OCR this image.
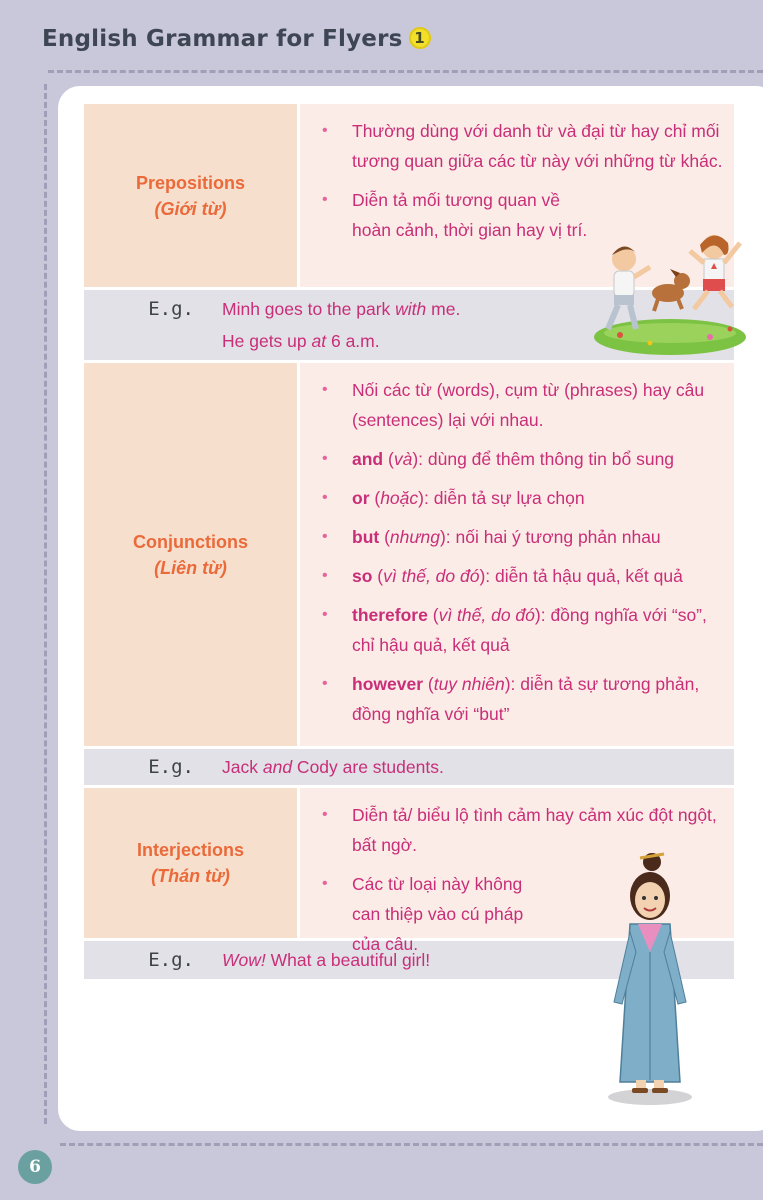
English Grammar for Flyers 1
Prepositions
(Giới từ)
• Thường dùng với danh từ và đại từ hay chỉ mối tương quan giữa các từ này với những từ khác.
• Diễn tả mối tương quan về hoàn cảnh, thời gian hay vị trí.
E.g.	Minh goes to the park with me.
He gets up at 6 a.m.
Conjunctions
(Liên từ)
• Nối các từ (words), cụm từ (phrases) hay câu (sentences) lại với nhau.
• and (và): dùng để thêm thông tin bổ sung
• or (hoặc): diễn tả sự lựa chọn
• but (nhưng): nối hai ý tương phản nhau
• so (vì thế, do đó): diễn tả hậu quả, kết quả
• therefore (vì thế, do đó): đồng nghĩa với “so”, chỉ hậu quả, kết quả
• however (tuy nhiên): diễn tả sự tương phản, đồng nghĩa với “but”
E.g.	Jack and Cody are students.
Interjections
(Thán từ)
• Diễn tả/ biểu lộ tình cảm hay cảm xúc đột ngột, bất ngờ.
• Các từ loại này không can thiệp vào cú pháp của câu.
E.g.	Wow! What a beautiful girl!
6
